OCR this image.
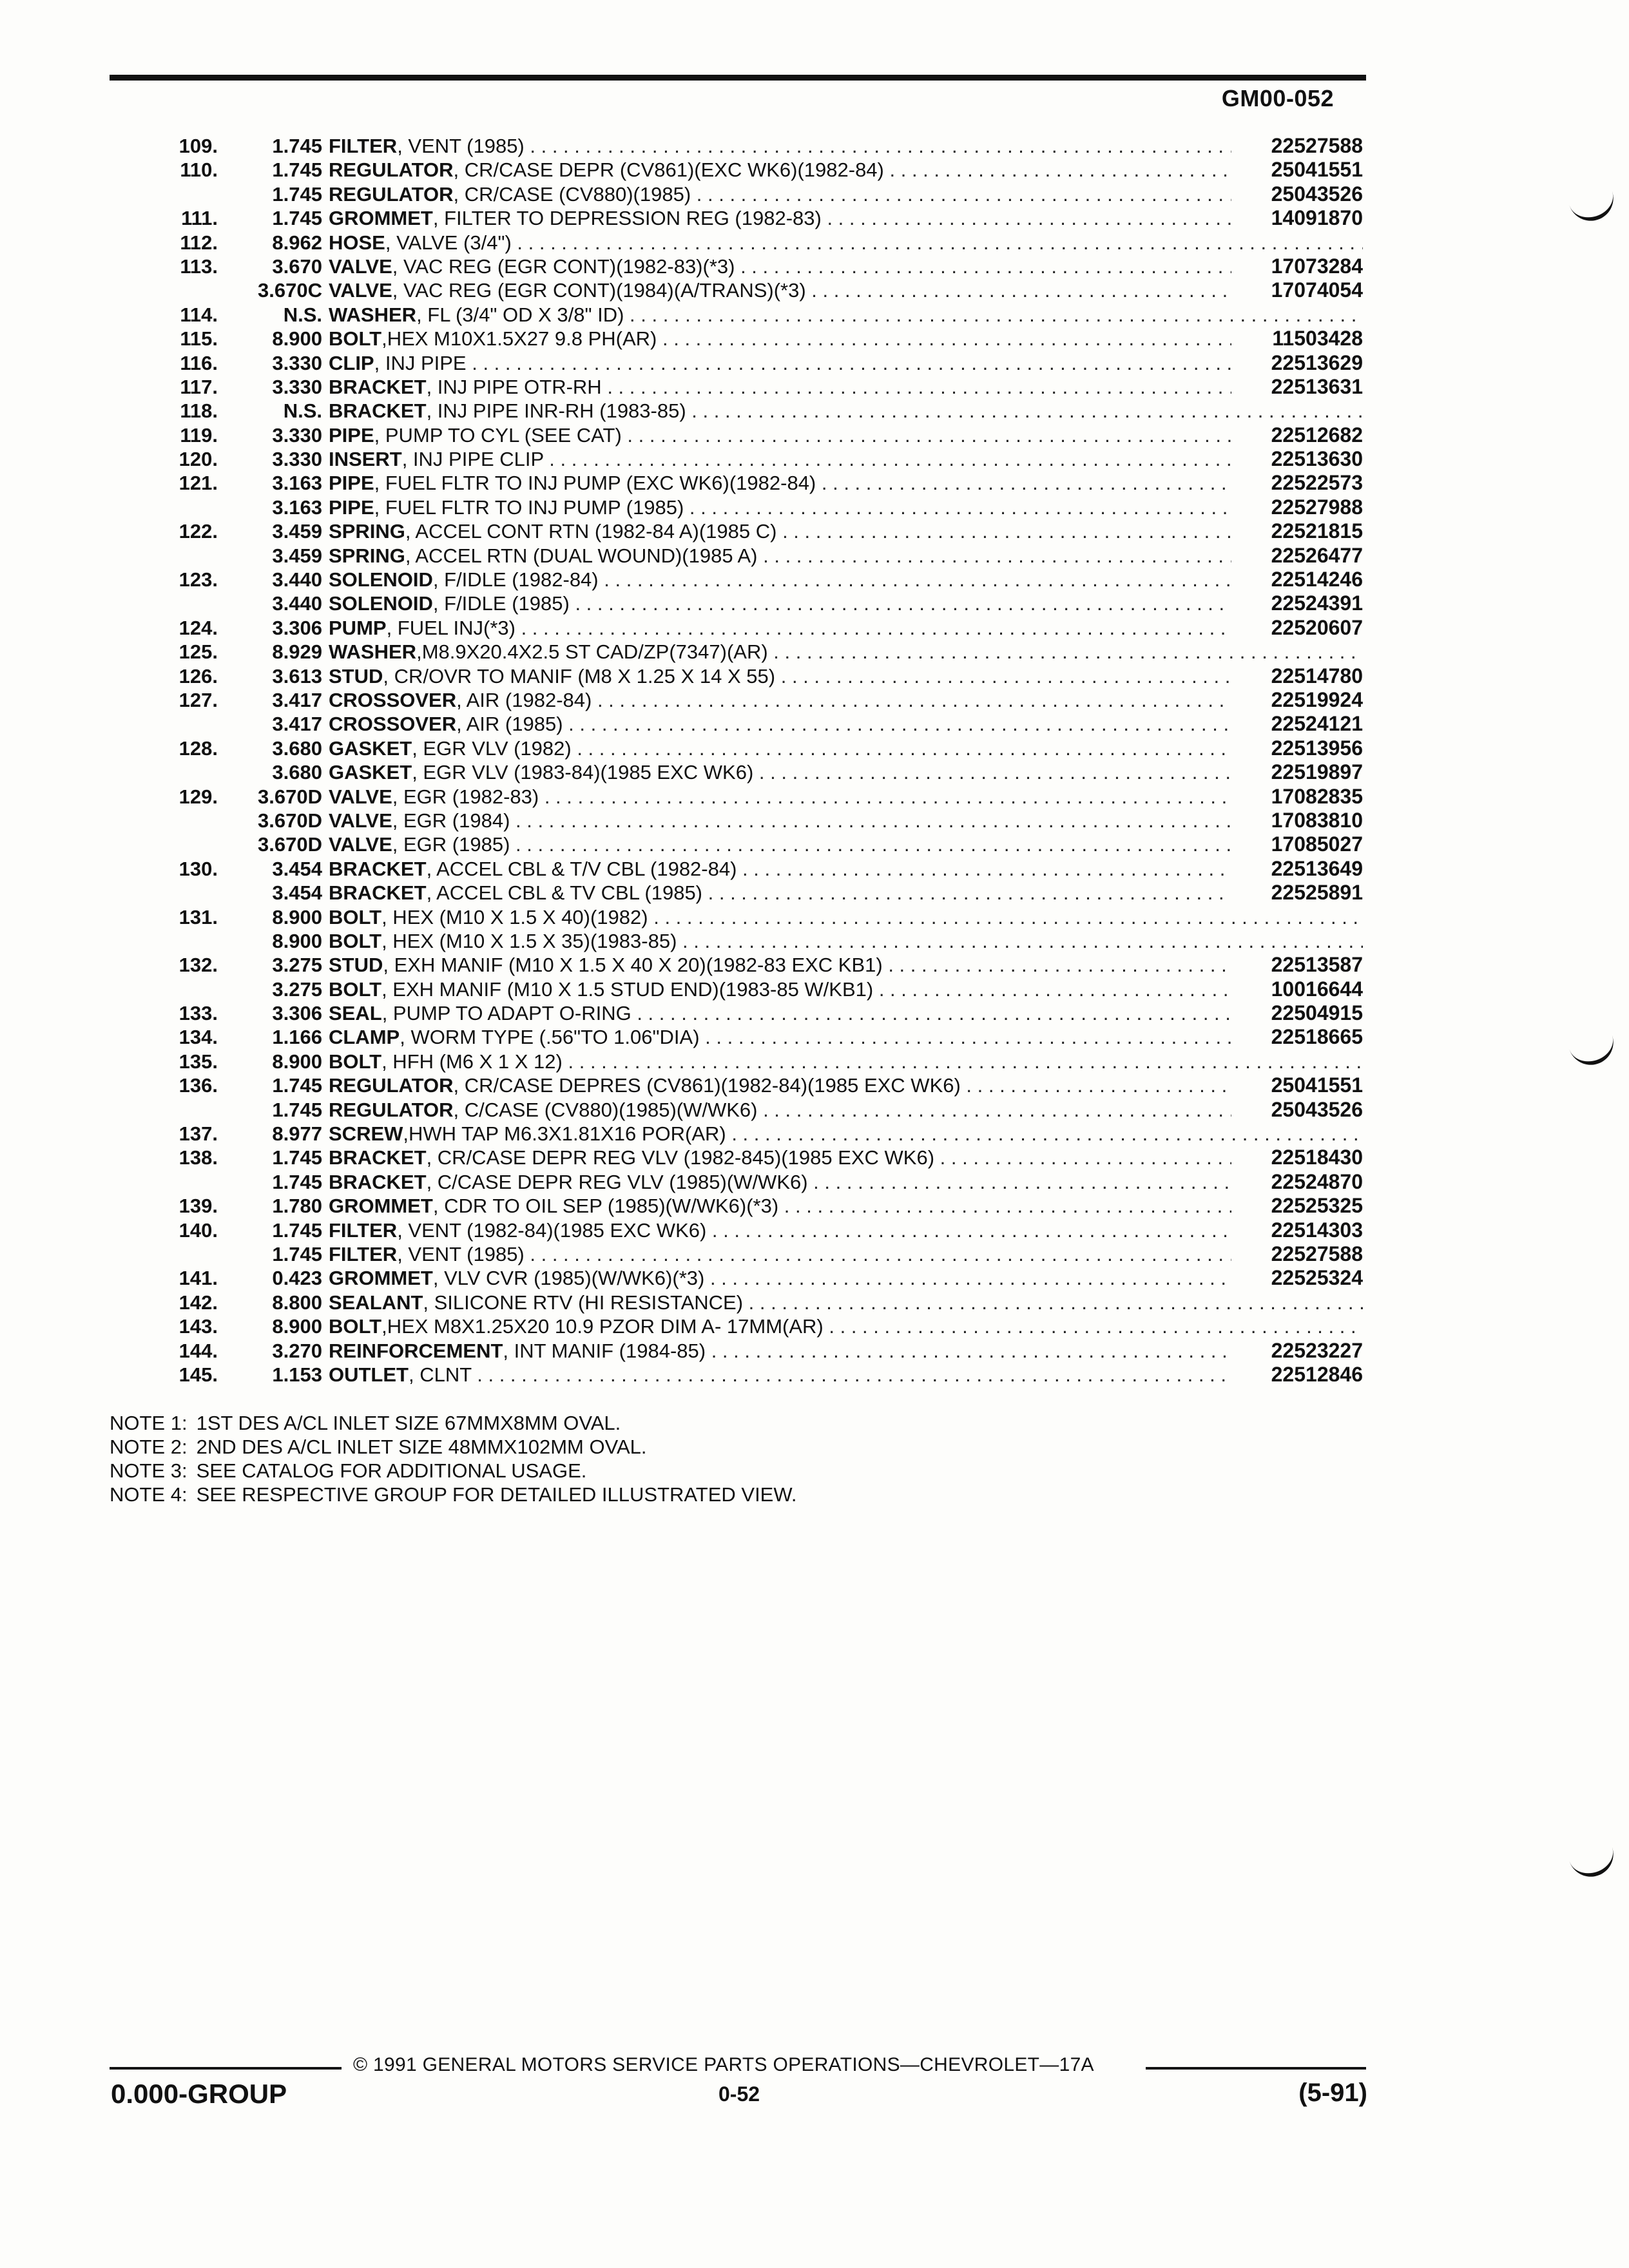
GM00-052
109.	1.745 FILTER, VENT (1985) . . .	22527588
110.	1.745 REGULATOR, CR/CASE DEPR (CV861)(EXC WK6)(1982-84) . . .	25041551
1.745 REGULATOR, CR/CASE (CV880)(1985) . . .	25043526
111.	1.745 GROMMET, FILTER TO DEPRESSION REG (1982-83) . . .	14091870
112.	8.962 HOSE, VALVE (3/4") . . .
113.	3.670 VALVE, VAC REG (EGR CONT)(1982-83)(*3) . . .	17073284
3.670C VALVE, VAC REG (EGR CONT)(1984)(A/TRANS)(*3) . . .	17074054
114.	N.S. WASHER, FL (3/4" OD X 3/8" ID) . . .
115.	8.900 BOLT,HEX M10X1.5X27 9.8 PH(AR) . . .	11503428
116.	3.330 CLIP, INJ PIPE . . .	22513629
117.	3.330 BRACKET, INJ PIPE OTR-RH . . .	22513631
118.	N.S. BRACKET, INJ PIPE INR-RH (1983-85) . . .
119.	3.330 PIPE, PUMP TO CYL (SEE CAT) . . .	22512682
120.	3.330 INSERT, INJ PIPE CLIP . . .	22513630
121.	3.163 PIPE, FUEL FLTR TO INJ PUMP (EXC WK6)(1982-84) . . .	22522573
3.163 PIPE, FUEL FLTR TO INJ PUMP (1985) . . .	22527988
122.	3.459 SPRING, ACCEL CONT RTN (1982-84 A)(1985 C) . . .	22521815
3.459 SPRING, ACCEL RTN (DUAL WOUND)(1985 A) . . .	22526477
123.	3.440 SOLENOID, F/IDLE (1982-84) . . .	22514246
3.440 SOLENOID, F/IDLE (1985) . . .	22524391
124.	3.306 PUMP, FUEL INJ(*3) . . .	22520607
125.	8.929 WASHER,M8.9X20.4X2.5 ST CAD/ZP(7347)(AR) . . .
126.	3.613 STUD, CR/OVR TO MANIF (M8 X 1.25 X 14 X 55) . . .	22514780
127.	3.417 CROSSOVER, AIR (1982-84) . . .	22519924
3.417 CROSSOVER, AIR (1985) . . .	22524121
128.	3.680 GASKET, EGR VLV (1982) . . .	22513956
3.680 GASKET, EGR VLV (1983-84)(1985 EXC WK6) . . .	22519897
129.	3.670D VALVE, EGR (1982-83) . . .	17082835
3.670D VALVE, EGR (1984) . . .	17083810
3.670D VALVE, EGR (1985) . . .	17085027
130.	3.454 BRACKET, ACCEL CBL & T/V CBL (1982-84) . . .	22513649
3.454 BRACKET, ACCEL CBL & TV CBL (1985) . . .	22525891
131.	8.900 BOLT, HEX (M10 X 1.5 X 40)(1982) . . .
8.900 BOLT, HEX (M10 X 1.5 X 35)(1983-85) . . .
132.	3.275 STUD, EXH MANIF (M10 X 1.5 X 40 X 20)(1982-83 EXC KB1) . . .	22513587
3.275 BOLT, EXH MANIF (M10 X 1.5 STUD END)(1983-85 W/KB1) . . .	10016644
133.	3.306 SEAL, PUMP TO ADAPT O-RING . . .	22504915
134.	1.166 CLAMP, WORM TYPE (.56"TO 1.06"DIA) . . .	22518665
135.	8.900 BOLT, HFH (M6 X 1 X 12) . . .
136.	1.745 REGULATOR, CR/CASE DEPRES (CV861)(1982-84)(1985 EXC WK6) . . .	25041551
1.745 REGULATOR, C/CASE (CV880)(1985)(W/WK6) . . .	25043526
137.	8.977 SCREW,HWH TAP M6.3X1.81X16 POR(AR) . . .
138.	1.745 BRACKET, CR/CASE DEPR REG VLV (1982-845)(1985 EXC WK6) . . .	22518430
1.745 BRACKET, C/CASE DEPR REG VLV (1985)(W/WK6) . . .	22524870
139.	1.780 GROMMET, CDR TO OIL SEP (1985)(W/WK6)(*3) . . .	22525325
140.	1.745 FILTER, VENT (1982-84)(1985 EXC WK6) . . .	22514303
1.745 FILTER, VENT (1985) . . .	22527588
141.	0.423 GROMMET, VLV CVR (1985)(W/WK6)(*3) . . .	22525324
142.	8.800 SEALANT, SILICONE RTV (HI RESISTANCE) . . .
143.	8.900 BOLT,HEX M8X1.25X20 10.9 PZOR DIM A- 17MM(AR) . . .
144.	3.270 REINFORCEMENT, INT MANIF (1984-85) . . .	22523227
145.	1.153 OUTLET, CLNT . . .	22512846
NOTE 1: 1ST DES A/CL INLET SIZE 67MMX8MM OVAL.
NOTE 2: 2ND DES A/CL INLET SIZE 48MMX102MM OVAL.
NOTE 3: SEE CATALOG FOR ADDITIONAL USAGE.
NOTE 4: SEE RESPECTIVE GROUP FOR DETAILED ILLUSTRATED VIEW.
© 1991 GENERAL MOTORS SERVICE PARTS OPERATIONS—CHEVROLET—17A
0.000-GROUP	0-52	(5-91)
